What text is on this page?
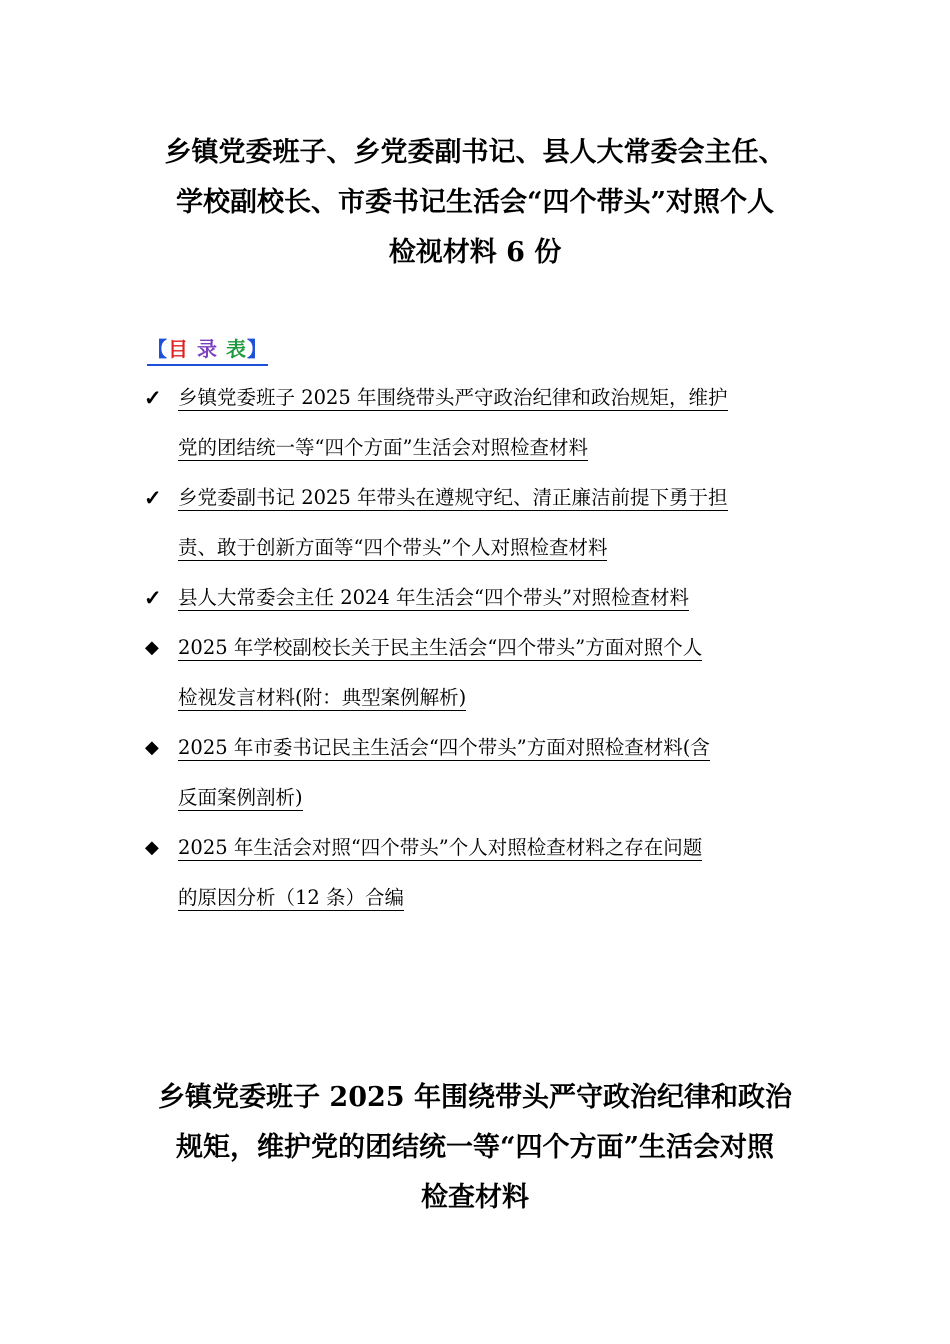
乡镇党委班子、乡党委副书记、县人大常委会主任、
学校副校长、市委书记生活会“四个带头”对照个人
检视材料 6 份
【目 录 表】
✓ 乡镇党委班子 2025 年围绕带头严守政治纪律和政治规矩，维护
党的团结统一等“四个方面”生活会对照检查材料
✓ 乡党委副书记 2025 年带头在遵规守纪、清正廉洁前提下勇于担
责、敢于创新方面等“四个带头”个人对照检查材料
✓ 县人大常委会主任 2024 年生活会“四个带头”对照检查材料
◆ 2025 年学校副校长关于民主生活会“四个带头”方面对照个人
检视发言材料(附：典型案例解析)
◆ 2025 年市委书记民主生活会“四个带头”方面对照检查材料(含
反面案例剖析)
◆ 2025 年生活会对照“四个带头”个人对照检查材料之存在问题
的原因分析（12 条）合编
乡镇党委班子 2025 年围绕带头严守政治纪律和政治
规矩，维护党的团结统一等“四个方面”生活会对照
检查材料
